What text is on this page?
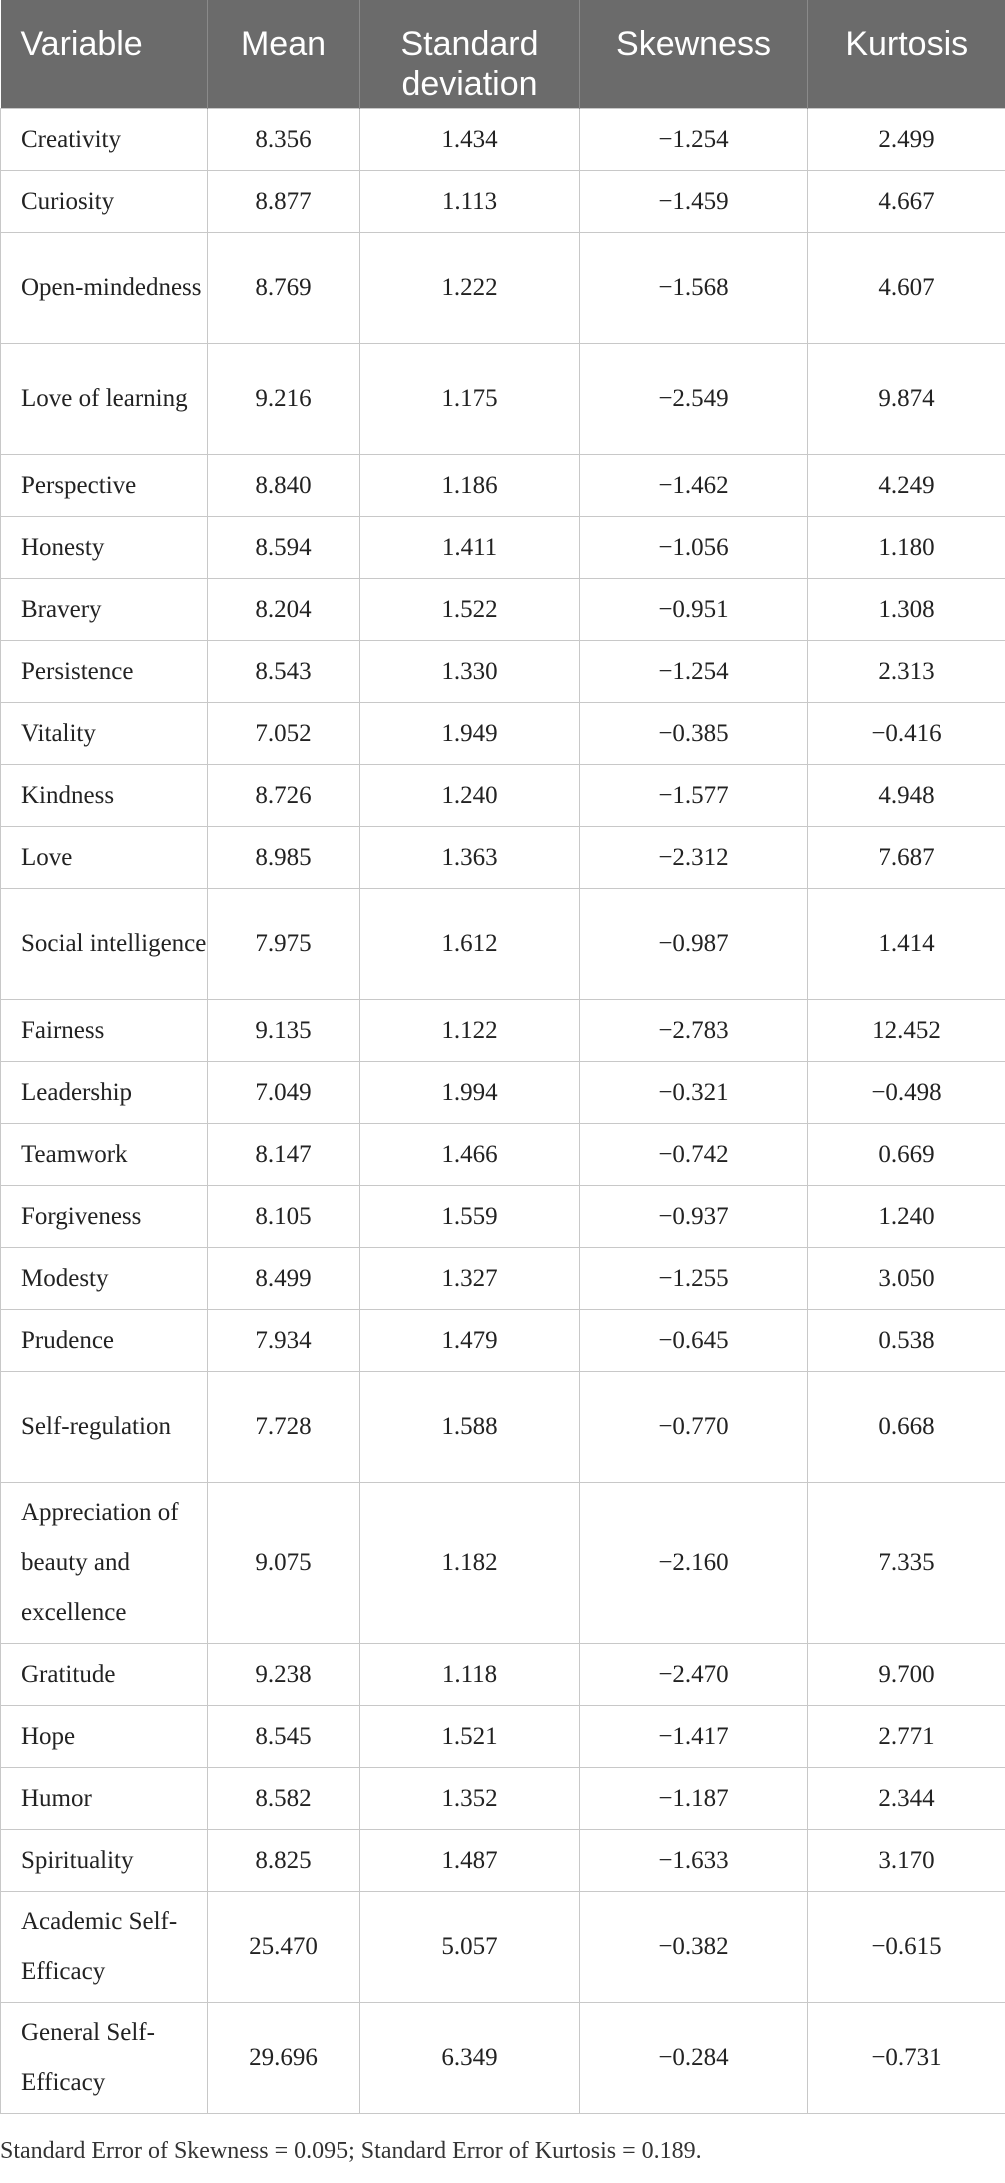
Variable	Mean	Standard deviation	Skewness	Kurtosis

Creativity	8.356	1.434	−1.254	2.499
Curiosity	8.877	1.113	−1.459	4.667
Open-mindedness	8.769	1.222	−1.568	4.607
Love of learning	9.216	1.175	−2.549	9.874
Perspective	8.840	1.186	−1.462	4.249
Honesty	8.594	1.411	−1.056	1.180
Bravery	8.204	1.522	−0.951	1.308
Persistence	8.543	1.330	−1.254	2.313
Vitality	7.052	1.949	−0.385	−0.416
Kindness	8.726	1.240	−1.577	4.948
Love	8.985	1.363	−2.312	7.687
Social intelligence	7.975	1.612	−0.987	1.414
Fairness	9.135	1.122	−2.783	12.452
Leadership	7.049	1.994	−0.321	−0.498
Teamwork	8.147	1.466	−0.742	0.669
Forgiveness	8.105	1.559	−0.937	1.240
Modesty	8.499	1.327	−1.255	3.050
Prudence	7.934	1.479	−0.645	0.538
Self-regulation	7.728	1.588	−0.770	0.668
Appreciation of beauty and excellence	9.075	1.182	−2.160	7.335
Gratitude	9.238	1.118	−2.470	9.700
Hope	8.545	1.521	−1.417	2.771
Humor	8.582	1.352	−1.187	2.344
Spirituality	8.825	1.487	−1.633	3.170
Academic Self-Efficacy	25.470	5.057	−0.382	−0.615
General Self-Efficacy	29.696	6.349	−0.284	−0.731
Standard Error of Skewness = 0.095; Standard Error of Kurtosis = 0.189.
